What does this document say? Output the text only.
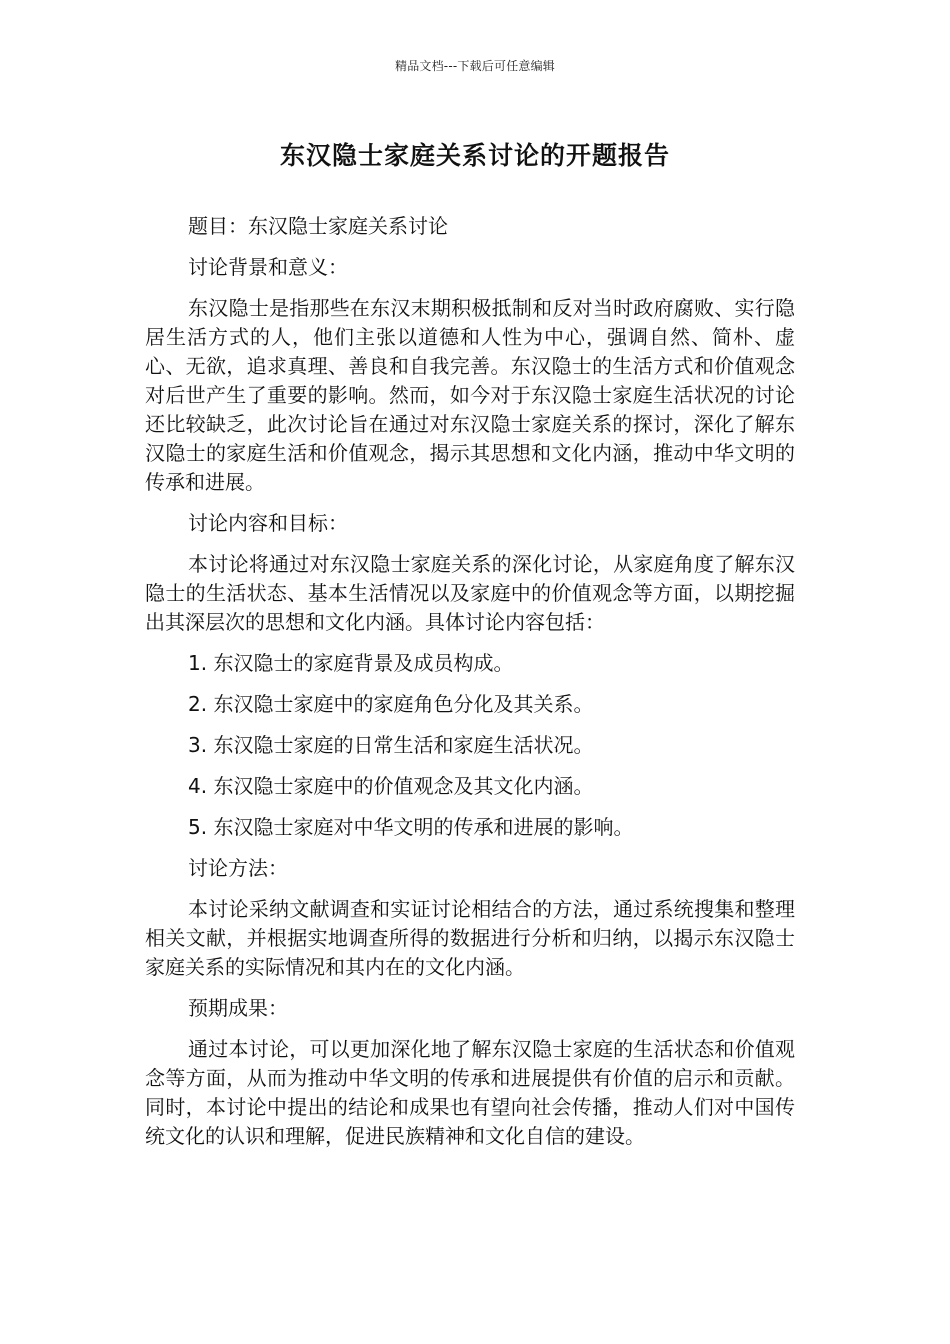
精品文档---下载后可任意编辑
东汉隐士家庭关系讨论的开题报告

题目：东汉隐士家庭关系讨论

讨论背景和意义：

东汉隐士是指那些在东汉末期积极抵制和反对当时政府腐败、实行隐居生活方式的人，他们主张以道德和人性为中心，强调自然、简朴、虚心、无欲，追求真理、善良和自我完善。东汉隐士的生活方式和价值观念对后世产生了重要的影响。然而，如今对于东汉隐士家庭生活状况的讨论还比较缺乏，此次讨论旨在通过对东汉隐士家庭关系的探讨，深化了解东汉隐士的家庭生活和价值观念，揭示其思想和文化内涵，推动中华文明的传承和进展。

讨论内容和目标：

本讨论将通过对东汉隐士家庭关系的深化讨论，从家庭角度了解东汉隐士的生活状态、基本生活情况以及家庭中的价值观念等方面，以期挖掘出其深层次的思想和文化内涵。具体讨论内容包括：

1. 东汉隐士的家庭背景及成员构成。

2. 东汉隐士家庭中的家庭角色分化及其关系。

3. 东汉隐士家庭的日常生活和家庭生活状况。

4. 东汉隐士家庭中的价值观念及其文化内涵。

5. 东汉隐士家庭对中华文明的传承和进展的影响。

讨论方法：

本讨论采纳文献调查和实证讨论相结合的方法，通过系统搜集和整理相关文献，并根据实地调查所得的数据进行分析和归纳，以揭示东汉隐士家庭关系的实际情况和其内在的文化内涵。

预期成果：

通过本讨论，可以更加深化地了解东汉隐士家庭的生活状态和价值观念等方面，从而为推动中华文明的传承和进展提供有价值的启示和贡献。同时，本讨论中提出的结论和成果也有望向社会传播，推动人们对中国传统文化的认识和理解，促进民族精神和文化自信的建设。
